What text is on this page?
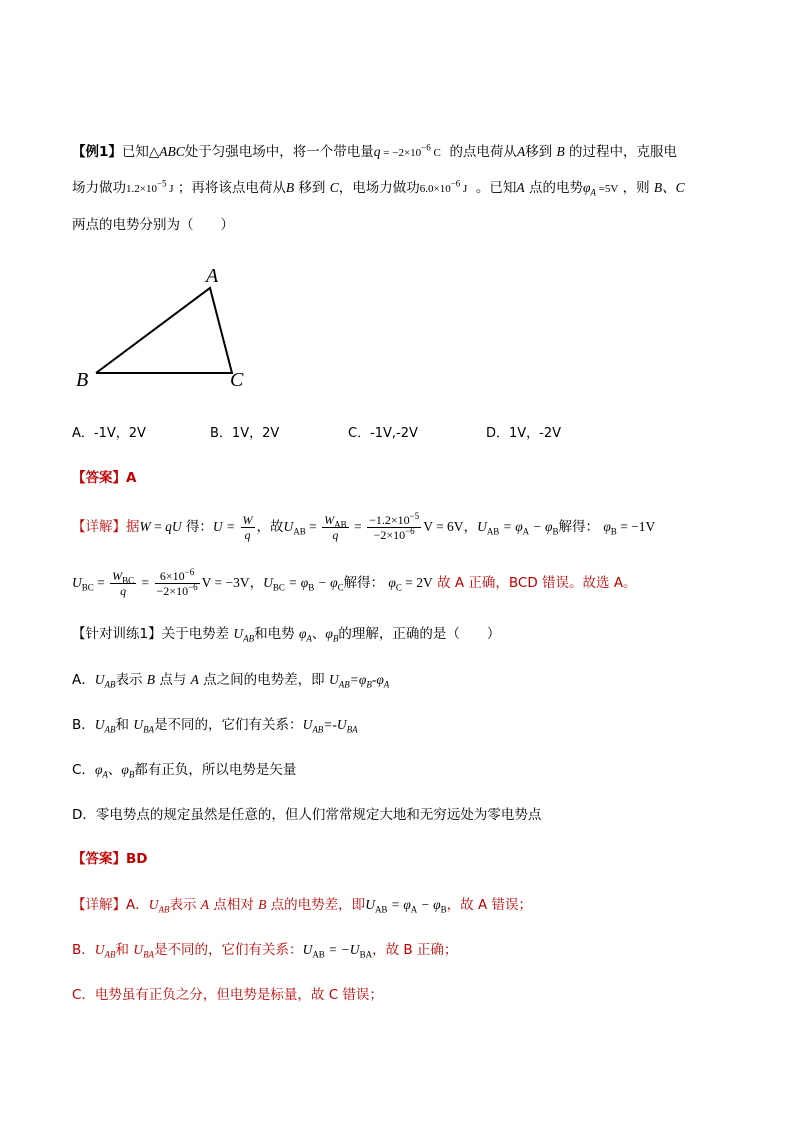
【例1】已知△ABC处于匀强电场中，将一个带电量$q = -2\times 10^{-6}$ C 的点电荷从A移到 B 的过程中，克服电
场力做功$1.2\times 10^{-5}$ J ；再将该点电荷从B 移到 C，电场力做功$6.0\times 10^{-6}$ J 。已知A 点的电势$\varphi_A =5V$ ，则 B、C
两点的电势分别为（　　）
A
B	C
A．-1V，2V	B．1V，2V	C．-1V,-2V	D．1V，-2V
【答案】A
【详解】据W = qU 得：$U = \frac{W}{q}$ ，故$U_{AB} = \frac{W_{AB}}{q} = \frac{-1.2\times 10^{-5}}{-2\times 10^{-6}}$ V = 6V，$U_{AB} = \varphi_A - \varphi_B$解得： $\varphi_B = -1V$
$U_{BC} = \frac{W_{BC}}{q} = \frac{6\times 10^{-6}}{-2\times 10^{-6}}$ V = −3V，$U_{BC} = \varphi_B - \varphi_C$解得： $\varphi_C = 2V$ 故 A 正确，BCD 错误。故选 A。
【针对训练1】关于电势差 $U_{AB}$和电势 $\varphi_A$、$\varphi_B$的理解，正确的是（　　）
A．$U_{AB}$表示 B 点与 A 点之间的电势差，即 $U_{AB}=\varphi_B-\varphi_A$
B．$U_{AB}$和 $U_{BA}$是不同的，它们有关系：$U_{AB}=-U_{BA}$
C．$\varphi_A$、$\varphi_B$都有正负，所以电势是矢量
D．零电势点的规定虽然是任意的，但人们常常规定大地和无穷远处为零电势点
【答案】BD
【详解】A．$U_{AB}$表示 A 点相对 B 点的电势差，即$U_{AB} = \varphi_A - \varphi_B$，故 A 错误；
B．$U_{AB}$和 $U_{BA}$是不同的，它们有关系：$U_{AB} = -U_{BA}$，故 B 正确；
C．电势虽有正负之分，但电势是标量，故 C 错误；
